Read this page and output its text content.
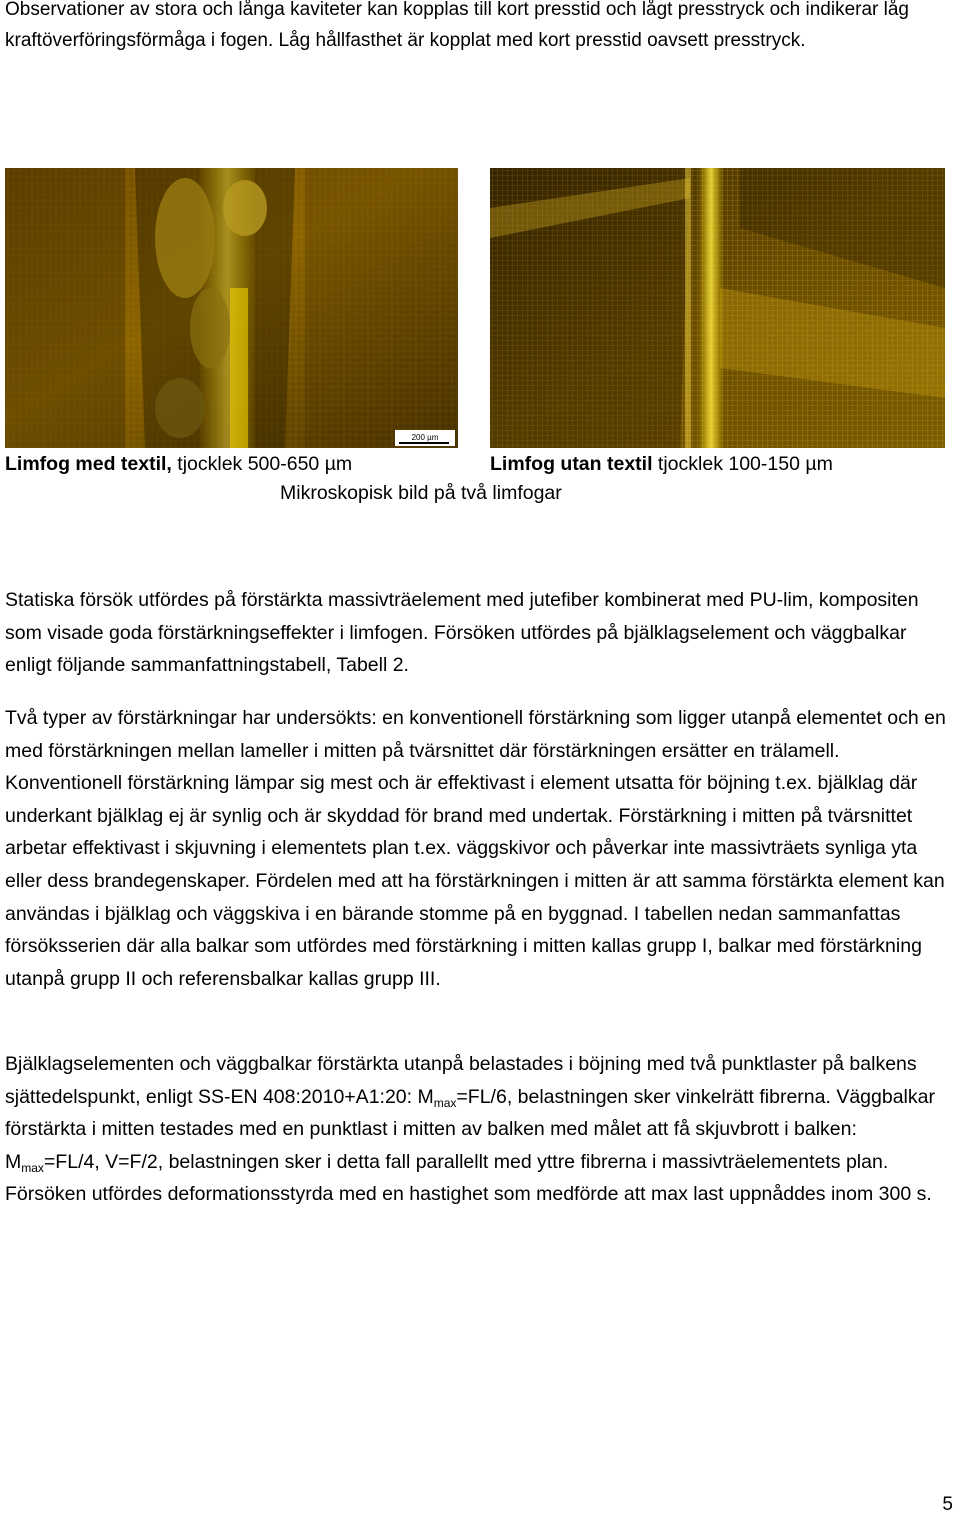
Observationer av stora och långa kaviteter kan kopplas till kort presstid och lågt presstryck och indikerar låg kraftöverföringsförmåga i fogen. Låg hållfasthet är kopplat med kort presstid oavsett presstryck.

200 µm
Limfog med textil, tjocklek 500-650 µm	Limfog utan textil tjocklek 100-150 µm
Mikroskopisk bild på två limfogar

Statiska försök utfördes på förstärkta massivträelement med jutefiber kombinerat med PU-lim, kompositen som visade goda förstärkningseffekter i limfogen. Försöken utfördes på bjälklagselement och väggbalkar enligt följande sammanfattningstabell, Tabell 2.

Två typer av förstärkningar har undersökts: en konventionell förstärkning som ligger utanpå elementet och en med förstärkningen mellan lameller i mitten på tvärsnittet där förstärkningen ersätter en trälamell. Konventionell förstärkning lämpar sig mest och är effektivast i element utsatta för böjning t.ex. bjälklag där underkant bjälklag ej är synlig och är skyddad för brand med undertak. Förstärkning i mitten på tvärsnittet arbetar effektivast i skjuvning i elementets plan t.ex. väggskivor och påverkar inte massivträets synliga yta eller dess brandegenskaper. Fördelen med att ha förstärkningen i mitten är att samma förstärkta element kan användas i bjälklag och väggskiva i en bärande stomme på en byggnad. I tabellen nedan sammanfattas försöksserien där alla balkar som utfördes med förstärkning i mitten kallas grupp I, balkar med förstärkning utanpå grupp II och referensbalkar kallas grupp III.

Bjälklagselementen och väggbalkar förstärkta utanpå belastades i böjning med två punktlaster på balkens sjättedelspunkt, enligt SS-EN 408:2010+A1:20: $M_{max}=FL/6$, belastningen sker vinkelrätt fibrerna. Väggbalkar förstärkta i mitten testades med en punktlast i mitten av balken med målet att få skjuvbrott i balken: $M_{max}=FL/4$, V=F/2, belastningen sker i detta fall parallellt med yttre fibrerna i massivträelementets plan. Försöken utfördes deformationsstyrda med en hastighet som medförde att max last uppnåddes inom 300 s.

5
